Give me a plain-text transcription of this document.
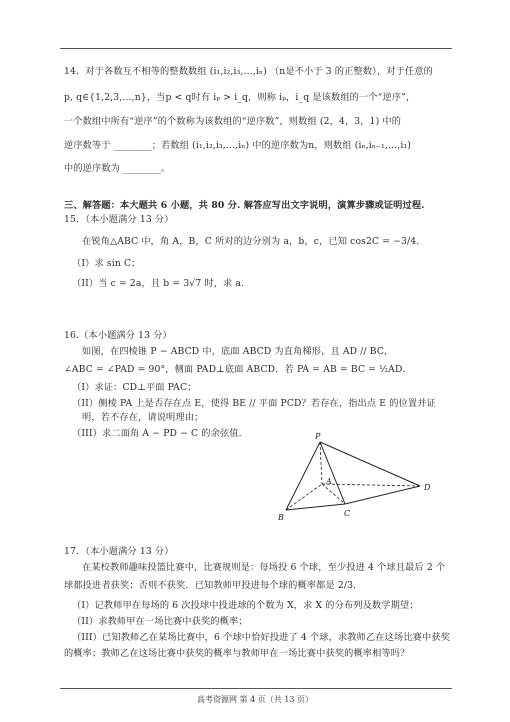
14．对于各数互不相等的整数数组 (i₁,i₂,i₃,…,iₙ) （n是不小于 3 的正整数），对于任意的
p, q∈{1,2,3,…,n}，当p < q时有 iₚ > i_q，则称 iₚ，i_q 是该数组的一个“逆序”，
一个数组中所有“逆序”的个数称为该数组的“逆序数”，则数组 (2，4，3，1) 中的
逆序数等于 ________；若数组 (i₁,i₂,i₃,…,iₙ) 中的逆序数为n，则数组 (iₙ,iₙ₋₁,…,i₁)
中的逆序数为 ________。
三、解答题：本大题共 6 小题，共 80 分. 解答应写出文字说明，演算步骤或证明过程.
15．（本小题满分 13 分）
在锐角△ABC 中，角 A，B，C 所对的边分别为 a，b，c，已知 cos2C = −3/4．
（I）求 sin C；
（II）当 c = 2a，且 b = 3√7 时，求 a．
16.（本小题满分 13 分）
如图，在四棱锥 P − ABCD 中，底面 ABCD 为直角梯形，且 AD // BC，
∠ABC = ∠PAD = 90°，侧面 PAD⊥底面 ABCD．若 PA = AB = BC = ½AD．
（I）求证：CD⊥平面 PAC；
（II）侧棱 PA 上是否存在点 E，使得 BE // 平面 PCD？若存在，指出点 E 的位置并证
明，若不存在，请说明理由；
（III）求二面角 A − PD − C 的余弦值．	P
A
B	C
D
17．（本小题满分 13 分）
在某校教师趣味投篮比赛中，比赛规则是：每场投 6 个球，至少投进 4 个球且最后 2 个
球都投进者获奖；否则不获奖．已知教师甲投进每个球的概率都是 2/3．
（I）记教师甲在每场的 6 次投球中投进球的个数为 X，求 X 的分布列及数学期望；
（II）求教师甲在一场比赛中获奖的概率；
（III）已知教师乙在某场比赛中，6 个球中恰好投进了 4 个球，求教师乙在这场比赛中获奖
的概率；教师乙在这场比赛中获奖的概率与教师甲在一场比赛中获奖的概率相等吗？
高考资源网 第 4 页（共 13 页）
